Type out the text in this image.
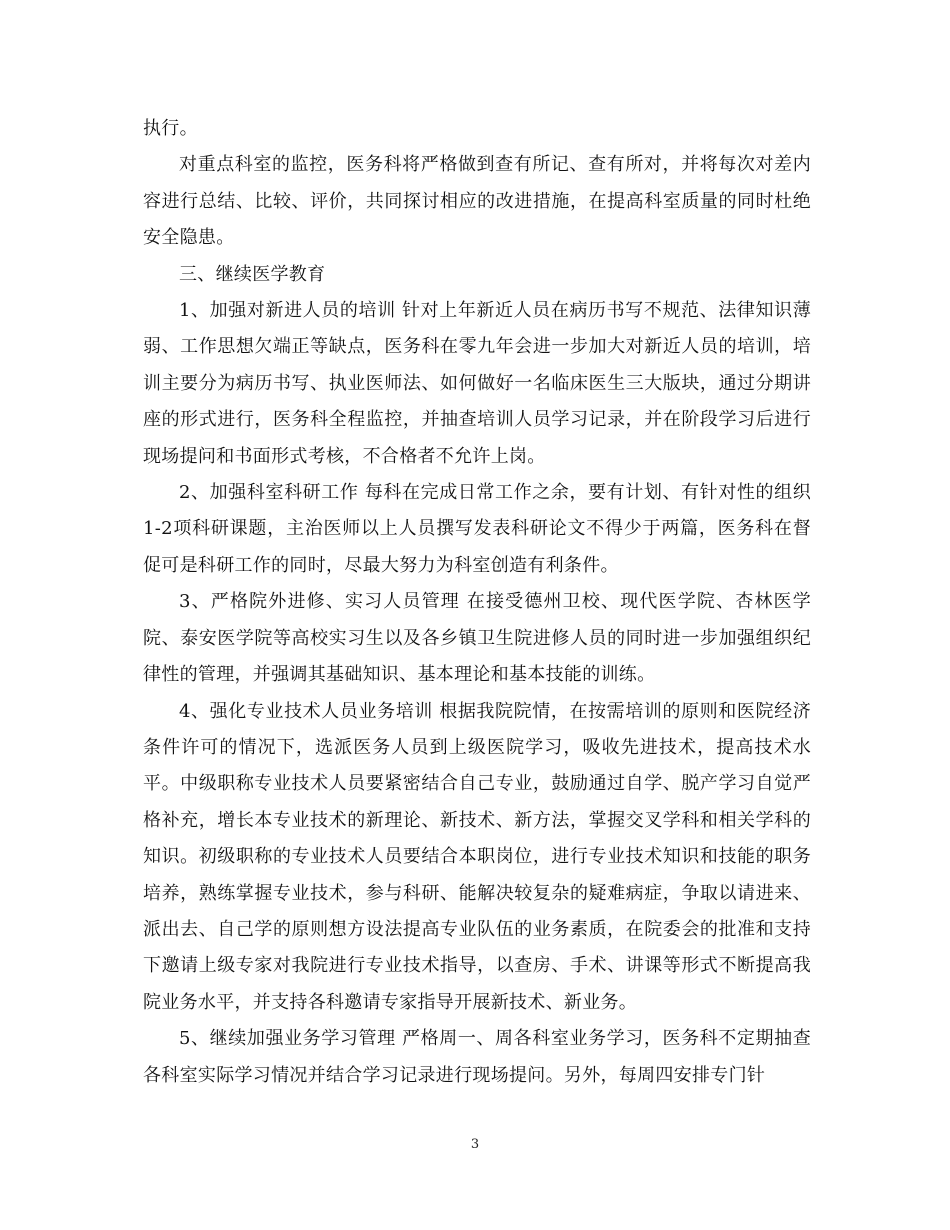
执行。

对重点科室的监控，医务科将严格做到查有所记、查有所对，并将每次对差内容进行总结、比较、评价，共同探讨相应的改进措施，在提高科室质量的同时杜绝安全隐患。

三、继续医学教育

1、加强对新进人员的培训 针对上年新近人员在病历书写不规范、法律知识薄弱、工作思想欠端正等缺点，医务科在零九年会进一步加大对新近人员的培训，培训主要分为病历书写、执业医师法、如何做好一名临床医生三大版块，通过分期讲座的形式进行，医务科全程监控，并抽查培训人员学习记录，并在阶段学习后进行现场提问和书面形式考核，不合格者不允许上岗。

2、加强科室科研工作 每科在完成日常工作之余，要有计划、有针对性的组织1-2项科研课题，主治医师以上人员撰写发表科研论文不得少于两篇，医务科在督促可是科研工作的同时，尽最大努力为科室创造有利条件。

3、严格院外进修、实习人员管理 在接受德州卫校、现代医学院、杏林医学院、泰安医学院等高校实习生以及各乡镇卫生院进修人员的同时进一步加强组织纪律性的管理，并强调其基础知识、基本理论和基本技能的训练。

4、强化专业技术人员业务培训 根据我院院情，在按需培训的原则和医院经济条件许可的情况下，选派医务人员到上级医院学习，吸收先进技术，提高技术水平。中级职称专业技术人员要紧密结合自己专业，鼓励通过自学、脱产学习自觉严格补充，增长本专业技术的新理论、新技术、新方法，掌握交叉学科和相关学科的知识。初级职称的专业技术人员要结合本职岗位，进行专业技术知识和技能的职务培养，熟练掌握专业技术，参与科研、能解决较复杂的疑难病症，争取以请进来、派出去、自己学的原则想方设法提高专业队伍的业务素质，在院委会的批准和支持下邀请上级专家对我院进行专业技术指导，以查房、手术、讲课等形式不断提高我院业务水平，并支持各科邀请专家指导开展新技术、新业务。

5、继续加强业务学习管理 严格周一、周各科室业务学习，医务科不定期抽查各科室实际学习情况并结合学习记录进行现场提问。另外，每周四安排专门针

3
